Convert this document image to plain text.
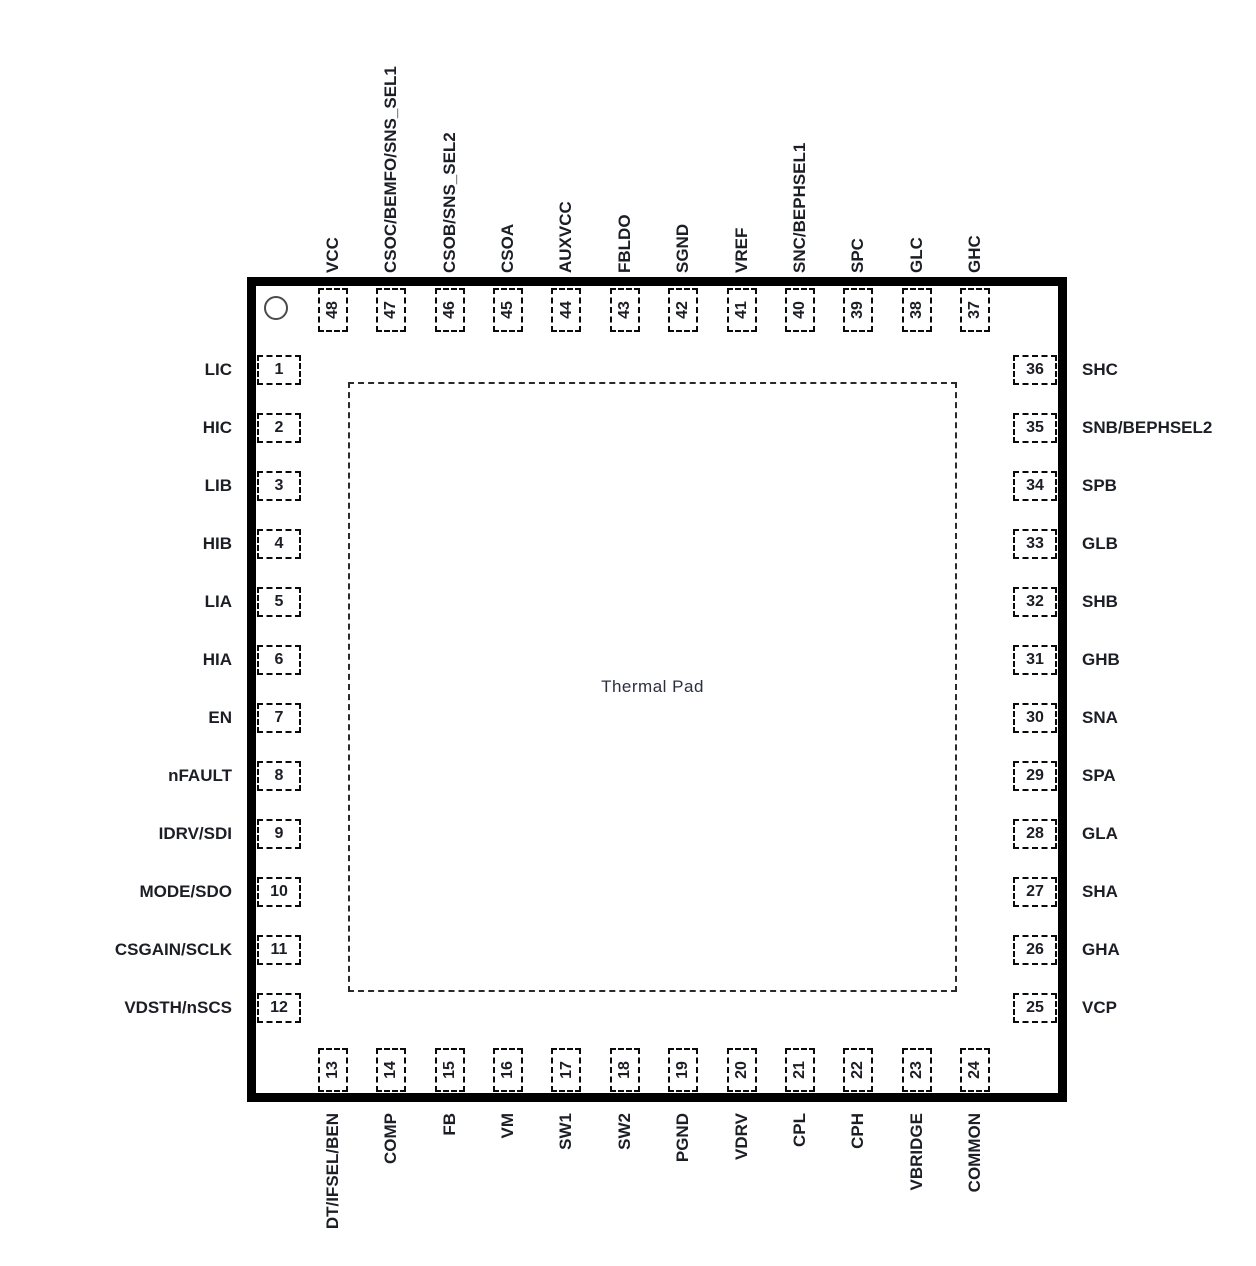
Thermal Pad
48
VCC
47
CSOC/BEMFO/SNS_SEL1
46
CSOB/SNS_SEL2
45
CSOA
44
AUXVCC
43
FBLDO
42
SGND
41
VREF
40
SNC/BEPHSEL1
39
SPC
38
GLC
37
GHC
1
LIC
2
HIC
3
LIB
4
HIB
5
LIA
6
HIA
7
EN
8
nFAULT
9
IDRV/SDI
10
MODE/SDO
11
CSGAIN/SCLK
12
VDSTH/nSCS
36 SHC
35 SNB/BEPHSEL2
34 SPB
33 GLB
32 SHB
31 GHB
30 SNA
29 SPA
28 GLA
27 SHA
26 GHA
25 VCP
13
DT/IFSEL/BEN
14
COMP
15
FB
16
VM
17
SW1
18
SW2
19
PGND
20
VDRV
21
CPL
22
CPH
23
VBRIDGE
24
COMMON
